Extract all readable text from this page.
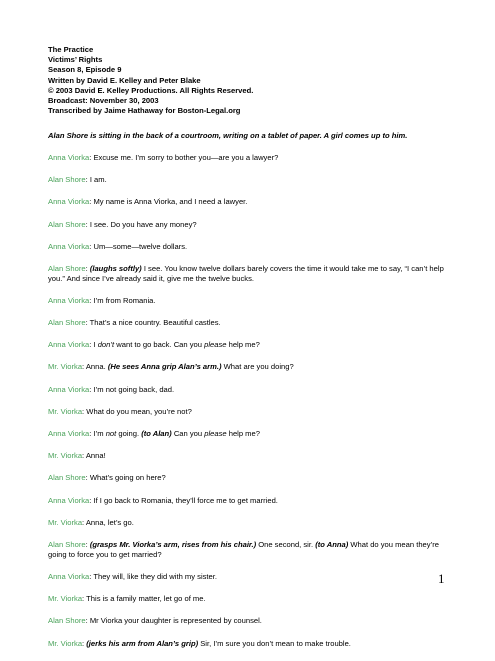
The Practice
Victims’ Rights
Season 8, Episode 9
Written by David E. Kelley and Peter Blake
© 2003 David E. Kelley Productions. All Rights Reserved.
Broadcast: November 30, 2003
Transcribed by Jaime Hathaway for Boston-Legal.org
Alan Shore is sitting in the back of a courtroom, writing on a tablet of paper. A girl comes up to him.
Anna Viorka: Excuse me. I’m sorry to bother you—are you a lawyer?
Alan Shore: I am.
Anna Viorka: My name is Anna Viorka, and I need a lawyer.
Alan Shore: I see. Do you have any money?
Anna Viorka: Um—some—twelve dollars.
Alan Shore: (laughs softly) I see. You know twelve dollars barely covers the time it would take me to say, “I can’t help you.” And since I’ve already said it, give me the twelve bucks.
Anna Viorka: I’m from Romania.
Alan Shore: That’s a nice country. Beautiful castles.
Anna Viorka: I don’t want to go back. Can you please help me?
Mr. Viorka: Anna. (He sees Anna grip Alan’s arm.) What are you doing?
Anna Viorka: I’m not going back, dad.
Mr. Viorka: What do you mean, you’re not?
Anna Viorka: I’m not going. (to Alan) Can you please help me?
Mr. Viorka: Anna!
Alan Shore: What’s going on here?
Anna Viorka: If I go back to Romania, they’ll force me to get married.
Mr. Viorka: Anna, let’s go.
Alan Shore: (grasps Mr. Viorka’s arm, rises from his chair.) One second, sir. (to Anna) What do you mean they’re going to force you to get married?
Anna Viorka: They will, like they did with my sister.
Mr. Viorka: This is a family matter, let go of me.
Alan Shore: Mr Viorka your daughter is represented by counsel.
Mr. Viorka: (jerks his arm from Alan’s grip) Sir, I’m sure you don’t mean to make trouble.
1
